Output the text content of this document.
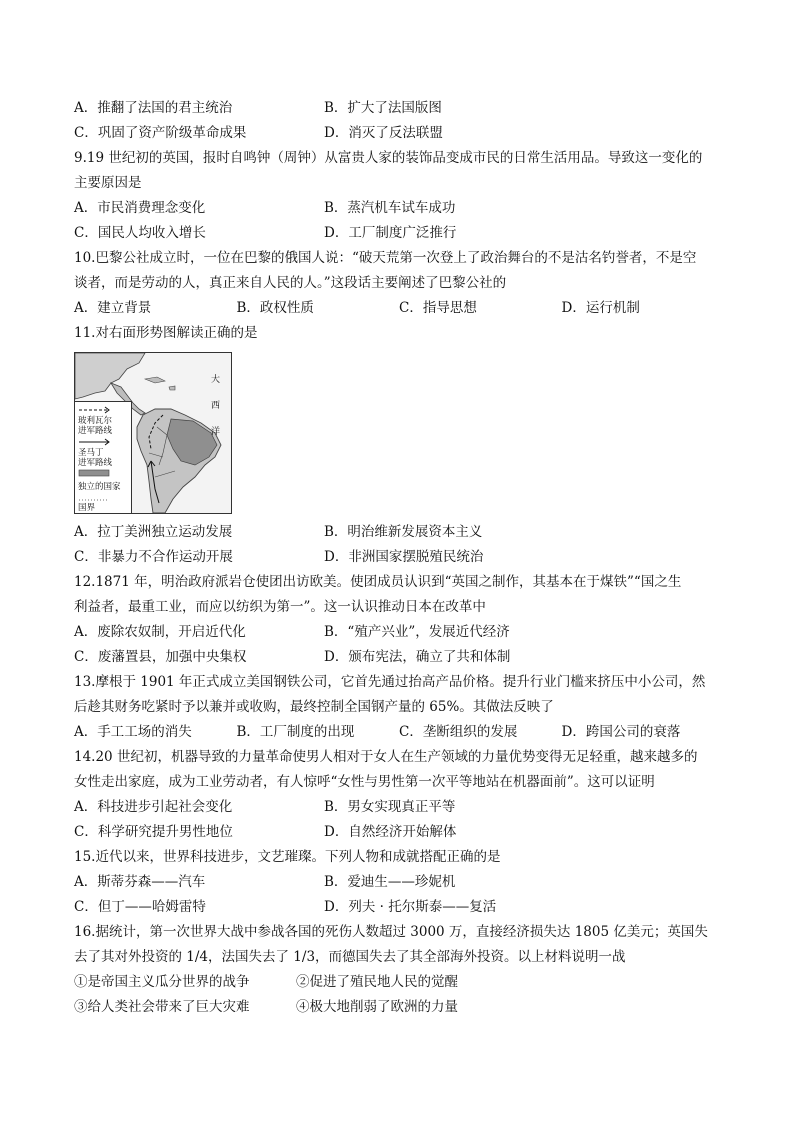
A．推翻了法国的君主统治	B．扩大了法国版图
C．巩固了资产阶级革命成果	D．消灭了反法联盟
9.19 世纪初的英国，报时自鸣钟（周钟）从富贵人家的装饰品变成市民的日常生活用品。导致这一变化的
主要原因是
A．市民消费理念变化	B．蒸汽机车试车成功
C．国民人均收入增长	D．工厂制度广泛推行
10.巴黎公社成立时，一位在巴黎的俄国人说：“破天荒第一次登上了政治舞台的不是沽名钓誉者，不是空
谈者，而是劳动的人，真正来自人民的人。”这段话主要阐述了巴黎公社的
A．建立背景	B．政权性质	C．指导思想	D．运行机制
11.对右面形势图解读正确的是
大
西
洋
玻利瓦尔
进军路线
圣马丁
进军路线
独立的国家
国界
A．拉丁美洲独立运动发展	B．明治维新发展资本主义
C．非暴力不合作运动开展	D．非洲国家摆脱殖民统治
12.1871 年，明治政府派岩仓使团出访欧美。使团成员认识到“英国之制作，其基本在于煤铁”“国之生
利益者，最重工业，而应以纺织为第一”。这一认识推动日本在改革中
A．废除农奴制，开启近代化	B．“殖产兴业”，发展近代经济
C．废藩置县，加强中央集权	D．颁布宪法，确立了共和体制
13.摩根于 1901 年正式成立美国钢铁公司，它首先通过抬高产品价格。提升行业门槛来挤压中小公司，然
后趁其财务吃紧时予以兼并或收购，最终控制全国钢产量的 65%。其做法反映了
A．手工工场的消失	B．工厂制度的出现	C．垄断组织的发展	D．跨国公司的衰落
14.20 世纪初，机器导致的力量革命使男人相对于女人在生产领域的力量优势变得无足轻重，越来越多的
女性走出家庭，成为工业劳动者，有人惊呼“女性与男性第一次平等地站在机器面前”。这可以证明
A．科技进步引起社会变化	B．男女实现真正平等
C．科学研究提升男性地位	D．自然经济开始解体
15.近代以来，世界科技进步，文艺璀璨。下列人物和成就搭配正确的是
A．斯蒂芬森——汽车	B．爱迪生——珍妮机
C．但丁——哈姆雷特	D．列夫 · 托尔斯泰——复活
16.据统计，第一次世界大战中参战各国的死伤人数超过 3000 万，直接经济损失达 1805 亿美元；英国失
去了其对外投资的 1/4，法国失去了 1/3，而德国失去了其全部海外投资。以上材料说明一战
①是帝国主义瓜分世界的战争	②促进了殖民地人民的觉醒
③给人类社会带来了巨大灾难	④极大地削弱了欧洲的力量
